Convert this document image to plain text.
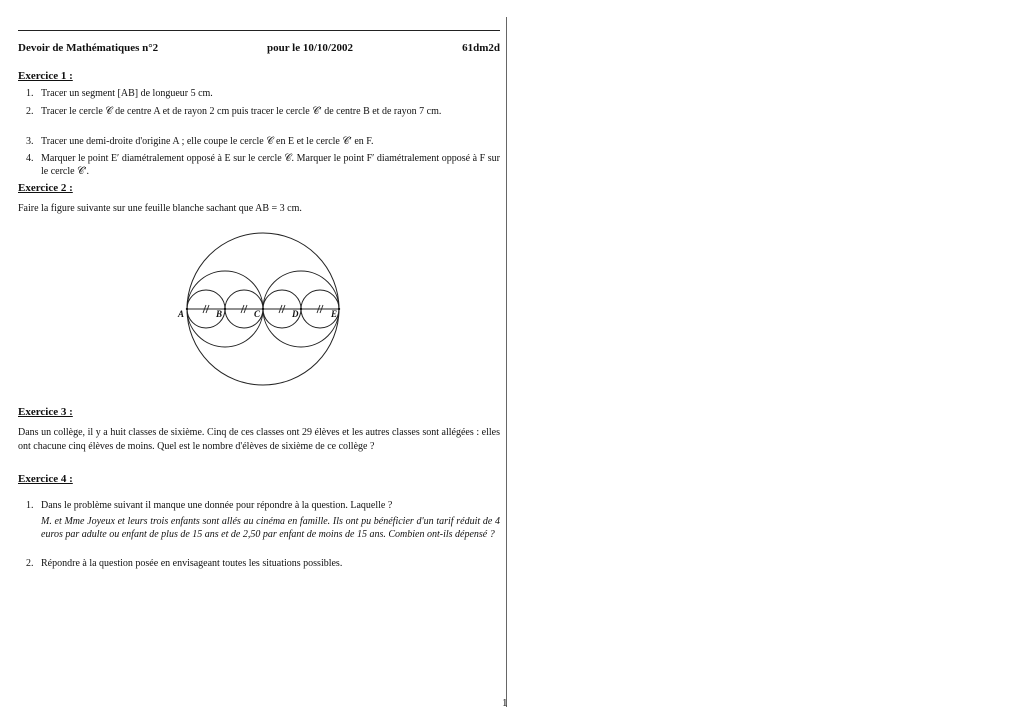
Devoir de Mathématiques n°2	pour le 10/10/2002	61dm2d
Exercice 1 :
1. Tracer un segment [AB] de longueur 5 cm.
2. Tracer le cercle 𝒞 de centre A et de rayon 2 cm puis tracer le cercle 𝒞′ de centre B et de rayon 7 cm.
3. Tracer une demi-droite d'origine A ; elle coupe le cercle 𝒞 en E et le cercle 𝒞′ en F.
4. Marquer le point E′ diamétralement opposé à E sur le cercle 𝒞. Marquer le point F′ diamétralement opposé à F sur le cercle 𝒞′.
Exercice 2 :
Faire la figure suivante sur une feuille blanche sachant que AB = 3 cm.
A	B	C	D	E
Exercice 3 :
Dans un collège, il y a huit classes de sixième. Cinq de ces classes ont 29 élèves et les autres classes sont allégées : elles ont chacune cinq élèves de moins. Quel est le nombre d'élèves de sixième de ce collège ?
Exercice 4 :
1. Dans le problème suivant il manque une donnée pour répondre à la question. Laquelle ?
M. et Mme Joyeux et leurs trois enfants sont allés au cinéma en famille. Ils ont pu bénéficier d'un tarif réduit de 4 euros par adulte ou enfant de plus de 15 ans et de 2,50 par enfant de moins de 15 ans. Combien ont-ils dépensé ?
2. Répondre à la question posée en envisageant toutes les situations possibles.
1
